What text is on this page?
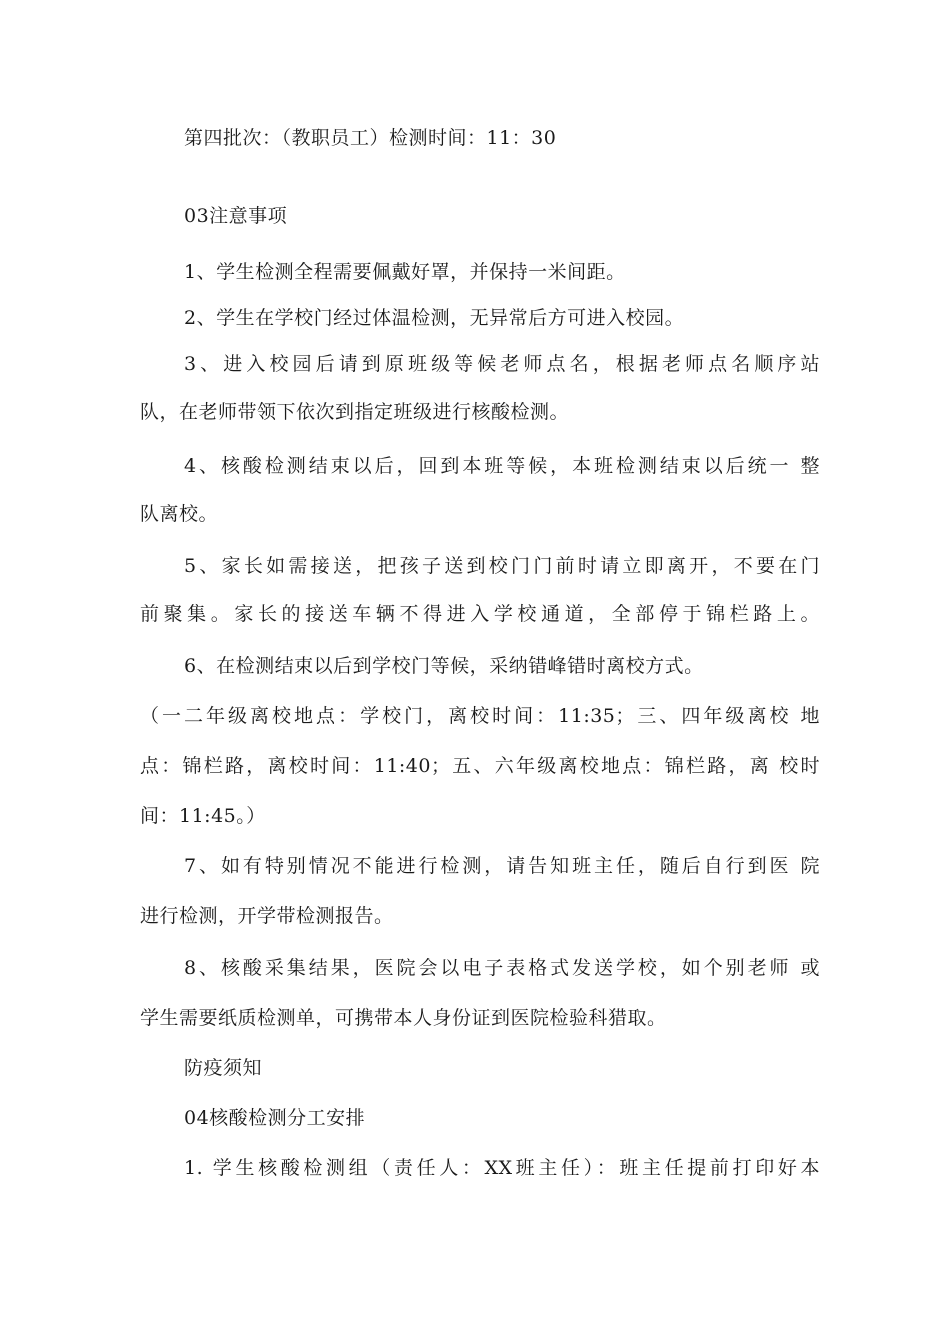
第四批次：（教职员工）检测时间：11：30
03注意事项
1、学生检测全程需要佩戴好罩，并保持一米间距。
2、学生在学校门经过体温检测，无异常后方可进入校园。
3、进入校园后请到原班级等候老师点名，根据老师点名顺序站
队，在老师带领下依次到指定班级进行核酸检测。
4、核酸检测结束以后，回到本班等候，本班检测结束以后统一 整
队离校。
5、家长如需接送，把孩子送到校门门前时请立即离开，不要在门
前聚集。家长的接送车辆不得进入学校通道，全部停于锦栏路上。
6、在检测结束以后到学校门等候，采纳错峰错时离校方式。
（一二年级离校地点：学校门，离校时间：11:35；三、四年级离校 地
点：锦栏路，离校时间：11:40；五、六年级离校地点：锦栏路，离 校时
间：11:45。）
7、如有特别情况不能进行检测，请告知班主任，随后自行到医 院
进行检测，开学带检测报告。
8、核酸采集结果，医院会以电子表格式发送学校，如个别老师 或
学生需要纸质检测单，可携带本人身份证到医院检验科猎取。
防疫须知
04核酸检测分工安排
1. 学生核酸检测组（责任人：XX班主任）：班主任提前打印好本
